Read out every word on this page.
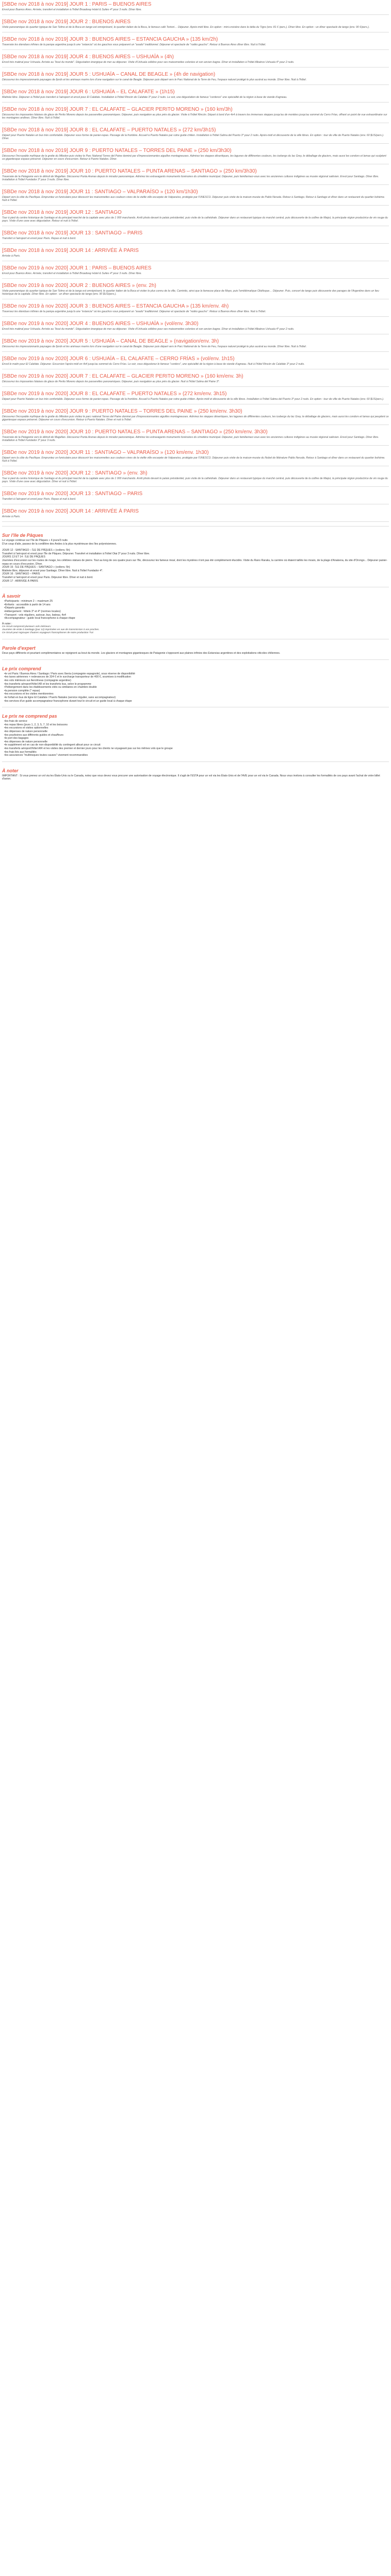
[SBDe nov 2018 à nov 2019] JOUR 1 : PARIS – BUENOS AIRES

Envol pour Buenos Aires. Arrivée, transfert et installation à l'hôtel Broadway Hotel & Suites 4* pour 3 nuits. Dîner libre.

[SBDe nov 2018 à nov 2019] JOUR 2 : BUENOS AIRES

Visite panoramique du quartier typique de San Telmo et de la Boca en tango est omniprésent, le quartier italien de la Boca, le fameux café Tortoni… Déjeuner. Après-midi libre. En option : mini-croisière dans le delta du Tigre (env. 81 € /pers.). Dîner libre. En option : un dîner spectacle de tango (env. 90 €/pers.).

[SBDe nov 2018 à nov 2019] JOUR 3 : BUENOS AIRES – ESTANCIA GAUCHA » (135 km/2h)

Traversée les étendues infinies de la pampa argentine jusqu'à une "estancia" où les gauchos vous préparent un "asado" traditionnel. Déjeuner et spectacle de "rodéo gaucho". Retour à Buenos Aires dîner libre. Nuit à l'hôtel.

[SBDe nov 2018 à nov 2019] JOUR 4 : BUENOS AIRES – USHUAÏA » (4h)

Envol très matinal pour Ushuaïa. Arrivée au "bout du monde". Dégustation énergique de mer au déjeuner. Visite d'Ushuaïa célèbre pour ses maisonnettes colorées et son ancien bagne. Dîner et installation à l'hôtel Albatros Ushuaïa 4* pour 2 nuits.

[SBDe nov 2018 à nov 2019] JOUR 5 : USHUAÏA – CANAL DE BEAGLE » (4h de navigation)

Découvrez les impressionnants paysages de fjords et les animaux marins lors d'une navigation sur le canal de Beagle. Déjeuner puis départ vers le Parc National de la Terre de Feu, l'espace naturel protégé le plus austral au monde. Dîner libre. Nuit à l'hôtel.

[SBDe nov 2018 à nov 2019] JOUR 6 : USHUAÏA – EL CALAFATE » (1h15)

Matinée libre. Déjeuner à l'hôtel puis transfert à l'aéroport et envol pour El Calafate. Installation à l'hôtel Rincón de Calafate 3* pour 2 nuits. Le soir, une dégustation de fameux "corderos" une spécialité de la région à base de viande d'agneau.

[SBDe nov 2018 à nov 2019] JOUR 7 : EL CALAFATE – GLACIER PERITO MORENO » (160 km/3h)

Découvrez les imposantes falaises de glace de Perito Moreno depuis les passerelles panoramiques. Déjeuner, puis navigation au plus près du glacier. Visite à l'hôtel Rincón. Départ à bord d'un 4x4 à travers les immenses steppes jusqu'au de montées jusqu'au sommet du Cerro Frías, offrant un point de vue extraordinaire sur les montagnes andines. Dîner libre. Nuit à l'hôtel.

[SBDe nov 2018 à nov 2019] JOUR 8 : EL CALAFATE – PUERTO NATALES » (272 km/3h15)

Départ pour Puerto Natales en bus très confortable. Déjeuner sous forme de panier-repas. Passage de la frontière. Accueil à Puerto Natales par votre guide chilien. Installation à l'hôtel Salma del Puerto 3* pour 2 nuits. Après-midi et découverte de la ville libres. En option : tour de ville de Puerto Natales (env. 60 $US/pers.). Dîner.

[SBDe nov 2018 à nov 2019] JOUR 9 : PUERTO NATALES – TORRES DEL PAINE » (250 km/3h30)

Découvrez l'incroyable mythique de la grotte du Milodon puis visitez le Parc National Torres del Paine dominé par d'impressionnantes aiguilles montagneuses. Admirez les steppes désertiques, les lagunes de différentes couleurs, les icebergs du lac Grey, le déballage de glaciers, mais aussi les condors et lamas qui sculptent ce gigantesque espace préservé. Déjeuner en cours d'excursion. Retour à Puerto Natales. Dîner.

[SBDe nov 2018 à nov 2019] JOUR 10 : PUERTO NATALES – PUNTA ARENAS – SANTIAGO » (250 km/3h30)

Traversée de la Patagonie vers le détroit de Magellan. Découvrez Punta Arenas depuis le mirador panoramique. Admirez les extravagants monuments funéraires du cimetière municipal. Déjeuner, puis familiarisez-vous avec les anciennes cultures indigènes au musée régional salésien. Envol pour Santiago. Dîner libre. Installation à l'hôtel Fundador 3* pour 3 nuits. Dîner libre.

[SBDe nov 2018 à nov 2019] JOUR 11 : SANTIAGO – VALPARAÍSO » (120 km/1h30)

Départ vers la côte du Pacifique. Empruntez un funiculaire pour découvrir les maisonnettes aux couleurs vives de la vieille ville escarpée de Valparaíso, protégée par l'UNESCO. Déjeuner puis visite de la maison-musée de Pablo Neruda. Retour à Santiago. Retour à Santiago et dîner dans un restaurant du quartier bohème. Nuit à l'hôtel.

[SBDe nov 2018 à nov 2019] JOUR 12 : SANTIAGO

Tour à pied du centre historique de Santiago et du principal marché de la capitale avec plus de 1 000 marchands. Arrêt photo devant le palais présidentiel, puis visite de la cathédrale. Déjeuner dans un restaurant typique du marché central, puis découverte de la colline de Maipú, la principale région productrice de vin rouge du pays. Visite d'une cave avec dégustation. Retour et nuit à l'hôtel.

[SBDe nov 2018 à nov 2019] JOUR 13 : SANTIAGO – PARIS

Transfert à l'aéroport et envol pour Paris. Repas et nuit à bord.

[SBDe nov 2018 à nov 2019] JOUR 14 : ARRIVÉE À PARIS

Arrivée à Paris.

[SBDe nov 2019 à nov 2020] JOUR 1 : PARIS – BUENOS AIRES

Envol pour Buenos Aires. Arrivée, transfert et installation à l'hôtel Broadway Hotel & Suites 4* pour 3 nuits. Dîner libre.

[SBDe nov 2019 à nov 2020] JOUR 2 : BUENOS AIRES » (env. 2h)

Visite panoramique du quartier typique de San Telmo et de la tango est omniprésent, le quartier italien de la Boca et visiter le plus connu de la ville, Caminito, ainsi que la fameuse place de Mayo, puis l'emblématique Obélisque… Déjeuner. Puis, concert de tango puis découverte des parages de l'Argentine dans un lieu historique de la capitale. Dîner libre. En option : un dîner spectacle de tango (env. 90 $US/pers.).

[SBDe nov 2019 à nov 2020] JOUR 3 : BUENOS AIRES – ESTANCIA GAUCHA » (135 km/env. 4h)

Traversez les étendues infinies de la pampa argentine jusqu'à une "estancia" où les gauchos vous préparent un "asado" traditionnel. Déjeuner et spectacle de "rodéo gaucho". Retour à Buenos Aires dîner libre. Nuit à l'hôtel.

[SBDe nov 2019 à nov 2020] JOUR 4 : BUENOS AIRES – USHUAÏA » (vol/env. 3h30)

Envol très matinal pour Ushuaïa. Arrivée au "bout du monde". Dégustation énergique de mer au déjeuner. Visite d'Ushuaïa célèbre pour ses maisonnettes colorées et son ancien bagne. Dîner et installation à l'hôtel Albatros Ushuaïa 4* pour 2 nuits.

[SBDe nov 2019 à nov 2020] JOUR 5 : USHUAÏA – CANAL DE BEAGLE » (navigation/env. 3h)

Découvrez les impressionnants paysages de fjords et les animaux marins lors d'une navigation sur le canal de Beagle. Déjeuner puis départ vers le Parc National de la Terre de Feu, l'espace naturel protégé le plus austral au monde. Dîner libre. Nuit à l'hôtel.

[SBDe nov 2019 à nov 2020] JOUR 6 : USHUAÏA – EL CALAFATE – CERRO FRÍAS » (vol/env. 1h15)

Envol le matin pour El Calafate. Déjeuner. Excursion l'après-midi en 4x4 jusqu'au sommet du Cerro Frías. Le soir, vous dégusterez le fameux "cordero", une spécialité de la région à base de viande d'agneau. Nuit à l'hôtel Rincón de Calafate 3* pour 2 nuits.

[SBDe nov 2019 à nov 2020] JOUR 7 : EL CALAFATE – GLACIER PERITO MORENO » (160 km/env. 3h)

Découvrez les imposantes falaises de glace de Perito Moreno depuis les passerelles panoramiques. Déjeuner, puis navigation au plus près du glacier. Nuit à l'hôtel Salma del Paine 3*.

[SBDe nov 2019 à nov 2020] JOUR 8 : EL CALAFATE – PUERTO NATALES » (272 km/env. 3h15)

Départ pour Puerto Natales en bus très confortable. Déjeuner sous forme de panier-repas. Passage de la frontière. Accueil à Puerto Natales par votre guide chilien. Après-midi et découverte de la ville libres. Installation à l'hôtel Salma del Puerto 3* pour 2 nuits. En option : tour de ville de Puerto Natales (env. 60 $US/pers.).

[SBDe nov 2019 à nov 2020] JOUR 9 : PUERTO NATALES – TORRES DEL PAINE » (250 km/env. 3h30)

Découvrez l'incroyable mythique de la grotte du Milodon puis visitez le parc national Torres del Paine dominé par d'impressionnantes aiguilles montagneuses. Admirez les steppes désertiques, les lagunes de différentes couleurs, les icebergs du lac Grey, le déballage de glaciers, mais aussi les condors et lamas qui peuplent ce gigantesque espace préservé. Déjeuner en cours d'excursion. Retour à Puerto Natales. Dîner et nuit à l'hôtel.

[SBDe nov 2019 à nov 2020] JOUR 10 : PUERTO NATALES – PUNTA ARENAS – SANTIAGO » (250 km/env. 3h30)

Traversée de la Patagonie vers le détroit de Magellan. Découvrez Punta Arenas depuis le mirador panoramique. Admirez les extravagants monuments funéraires du cimetière municipal. Déjeuner, puis familiarisez-vous avec les anciennes cultures indigènes au musée régional salésien. Envol pour Santiago. Dîner libre. Installation à l'hôtel Fundador 3* pour 3 nuits.

[SBDe nov 2019 à nov 2020] JOUR 11 : SANTIAGO – VALPARAÍSO » (120 km/env. 1h30)

Départ vers la côte du Pacifique. Empruntez un funiculaire pour découvrir les maisonnettes aux couleurs vives de la vieille ville escarpée de Valparaíso, protégée par l'UNESCO. Déjeuner puis visite de la maison-musée du Nobel de littérature Pablo Neruda. Retour à Santiago et dîner dans un restaurant du quartier bohème. Nuit à l'hôtel.

[SBDe nov 2019 à nov 2020] JOUR 12 : SANTIAGO » (env. 3h)

Tour à pied du centre historique de Santiago et du principal marché de la capitale avec plus de 1 000 marchands. Arrêt photo devant le palais présidentiel, puis visite de la cathédrale. Déjeuner dans un restaurant typique du marché central, puis découverte de la colline de Maipú, la principale région productrice de vin rouge du pays. Visite d'une cave avec dégustation. Dîner et nuit à l'hôtel.

[SBDe nov 2019 à nov 2020] JOUR 13 : SANTIAGO – PARIS

Transfert à l'aéroport et envol pour Paris. Repas et nuit à bord.

[SBDe nov 2019 à nov 2020] JOUR 14 : ARRIVÉE À PARIS

Arrivée à Paris.

Sur l'île de Pâques

Le voyage continue sur l'île de Pâques » 4 jours/3 nuits

D'un coup d'aile, passez de la cordillère des Andes à la plus mystérieuse des îles polynésiennes.

JOUR 12 : SANTIAGO – ÎLE DE PÂQUES » (vol/env. 5h)

Transfert à l'aéroport et envol pour l'île de Pâques. Déjeuner. Transfert et installation à l'hôtel Otai 3* pour 3 nuits. Dîner libre.

JOURS 13 ET 14 : ÎLE DE PÂQUES

Journées d'excursion sur les routes de rivage, les célèbres statues de pierre. Tout au long de ces quatre jours sur l'île, découvrez les fameux moaï, dont les mystères n'ont pas été complètement élucidés. Visite du Rano Raraku, la carrière où étaient taillés les moaïs, de la plage d'Anakena, du site d'Orongo... Déjeuner panier-repas en cours d'excursion. Dîner.

JOUR 15 : ÎLE DE PÂQUES – SANTIAGO » (vol/env. 5h)

Matinée libre, déjeuner et envol pour Santiago. Dîner libre. Nuit à l'hôtel Fundador 4*.

JOUR 16 : SANTIAGO – PARIS

Transfert à l'aéroport et envol pour Paris. Déjeuner libre. Dîner et nuit à bord.

JOUR 17 : ARRIVÉE À PARIS

À savoir
• Participants : minimum 2 – maximum 25
• Enfants : accessible à partir de 14 ans
• Départs garantis
• Hébergement : hôtels 3* et 4* (normes locales)
• Transport : vols réguliers, autocar, bus, bateau, 4x4
• Accompagnateur : guide local francophone à chaque étape

À noter :

Ce circuit comprend plusieurs vols intérieurs.

Journées de visite à Santiago (jour 12) imprimées en vue de transmission à vos proches.

Ce circuit peut regrouper d'autres voyageurs francophones de notre production TUI.

Parole d'expert

Deux pays différents et pourtant complémentaires se rejoignent au bout du monde. Les glaciers et montagnes gigantesques de Patagonie s'opposent aux plaines infinies des Estancias argentines et des exploitations viticoles chiliennes.

Le prix comprend
• le vol Paris / Buenos Aires / Santiago / Paris avec Iberia (compagnie espagnole), sous réserve de disponibilité
• les taxes aériennes + redevances de 324 € et le surcharge transporteur de 400 €, soumises à modification
• les vols intérieurs sur Aerolíneas (compagnie argentine)
• les transferts aéroport/hôtel AR et les transferts bus, selon le programme
• l'hébergement dans les établissements cités ou similaires en chambre double
• la pension complète (* repas)
• les excursions et les visites mentionnées
• le forfait en bus de ligne El Calafate / Puerto Natales (service régulier, sans accompagnateur)
• les services d'un guide accompagnateur francophone durant tout le circuit et un guide local à chaque étape
Le prix ne comprend pas
• les frais de service
• les repas libres (jours 1, 2, 3, 5, 7, 10 et les boissons
• les excursions et visites optionnelles
• les dépenses de nature personnelle
• les pourboires aux différents guides et chauffeurs
• le port des bagages
• les dépenses de nature personnelle
• le supplément vol en cas de non-disponibilité du contingent alloué pour ce circuit
• les transferts aéroport/hôtel A/R et les visites des premier et dernier jours pour les clients ne voyageant pas sur les mêmes vols que le groupe
• les frais liés aux formalités
• les assurances "multirisques toutes causes" vivement recommandées
À noter

IMPORTANT : Si vous prenez un vol via les États-Unis ou le Canada, notez que vous devez vous procurer une autorisation de voyage électronique. Il s'agit de l'ESTA pour un vol via les États-Unis et de l'AVE pour un vol via le Canada. Nous vous invitons à consulter les formalités de ces pays avant l'achat de votre billet d'avion.
